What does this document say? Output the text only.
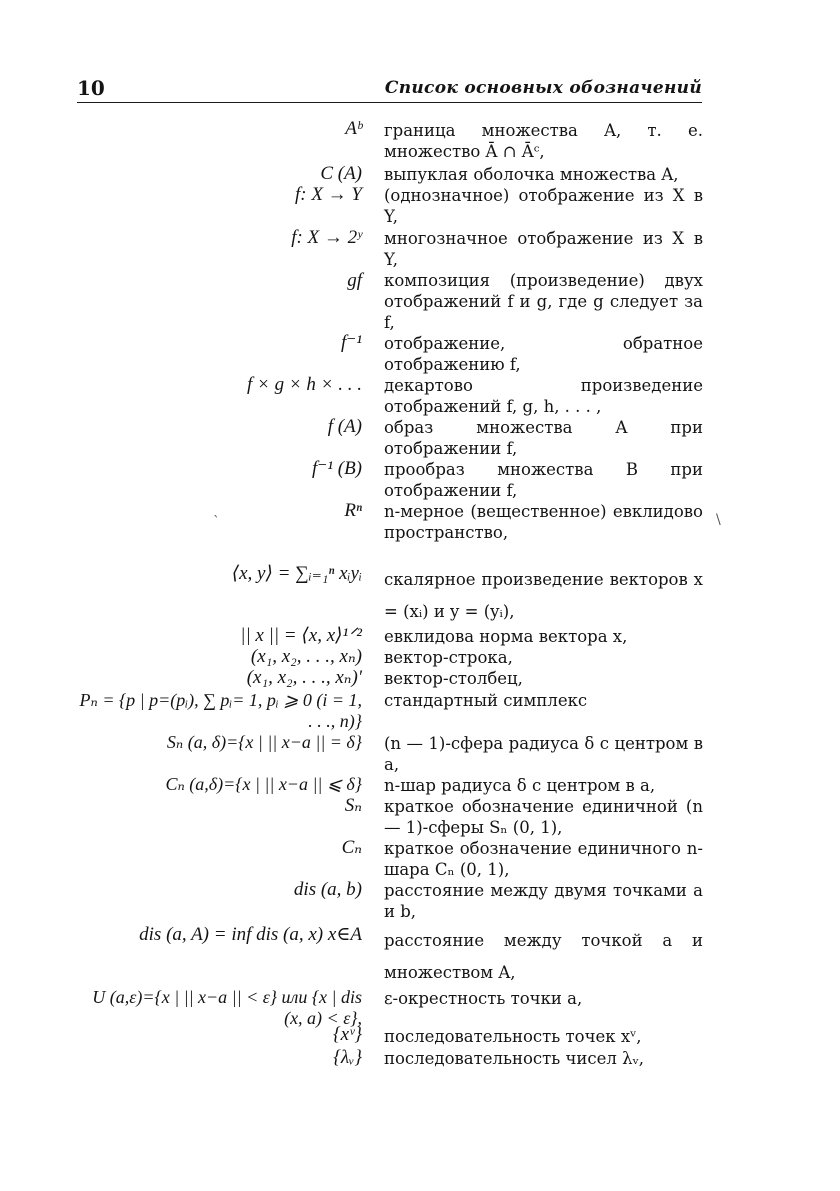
10	Список основных обозначений
Aᵇ граница множества A, т. е. множество Ā ∩ Āᶜ,
C (A) выпуклая оболочка множества A,
f: X → Y (однозначное) отображение из X в Y,
f: X → 2ʸ многозначное отображение из X в Y,
gf композиция (произведение) двух отображений f и g, где g следует за f,
f⁻¹ отображение, обратное отображению f,
f × g × h × . . . декартово произведение отображений f, g, h, . . . ,
f (A) образ множества A при отображении f,
f⁻¹ (B) прообраз множества B при отображении f,
Rⁿ n-мерное (вещественное) евклидово пространство,
⟨x, y⟩ = ∑ᵢ₌₁ⁿ xᵢyᵢ скалярное произведение векторов x = (xᵢ) и y = (yᵢ),
|| x || = ⟨x, x⟩¹ᐟ² евклидова норма вектора x,
(x₁, x₂, . . ., xₙ) вектор-строка,
(x₁, x₂, . . ., xₙ)′ вектор-столбец,
Pₙ = {p | p=(pᵢ), ∑ pᵢ= 1, pᵢ ⩾ 0 (i = 1, . . ., n)}
стандартный симплекс
Sₙ (a, δ)={x | || x−a || = δ} (n — 1)-сфера радиуса δ с центром в a,
Cₙ (a,δ)={x | || x−a || ⩽ δ} n-шар радиуса δ с центром в a,
Sₙ краткое обозначение единичной (n — 1)-сферы Sₙ (0, 1),
Cₙ краткое обозначение единичного n-шара Cₙ (0, 1),
dis (a, b) расстояние между двумя точками a и b,
dis (a, A) = inf dis (a, x) x∈A расстояние между точкой a и множеством A,
U (a,ε)={x | || x−a || < ε} или {x | dis (x, a) < ε},
ε-окрестность точки a,
{xᵛ} последовательность точек xᵛ,
{λᵥ} последовательность чисел λᵥ,
ˋ	\
